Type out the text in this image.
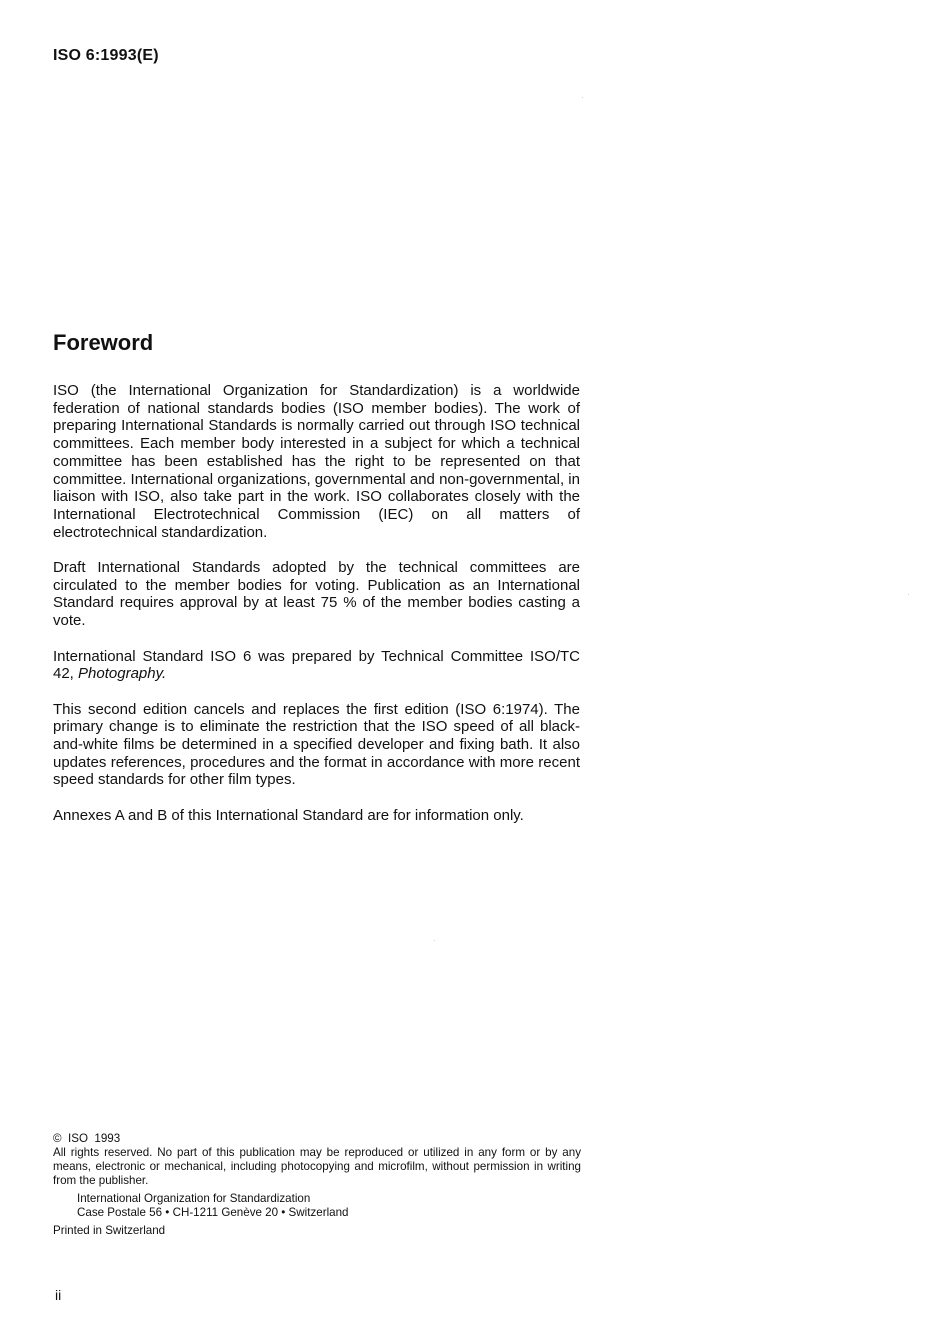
ISO 6:1993(E)
Foreword

ISO (the International Organization for Standardization) is a worldwide federation of national standards bodies (ISO member bodies). The work of preparing International Standards is normally carried out through ISO technical committees. Each member body interested in a subject for which a technical committee has been established has the right to be represented on that committee. International organizations, governmental and non-governmental, in liaison with ISO, also take part in the work. ISO collaborates closely with the International Electrotechnical Commission (IEC) on all matters of electrotechnical standardization.

Draft International Standards adopted by the technical committees are circulated to the member bodies for voting. Publication as an International Standard requires approval by at least 75 % of the member bodies casting a vote.

International Standard ISO 6 was prepared by Technical Committee ISO/TC 42, Photography.

This second edition cancels and replaces the first edition (ISO 6:1974). The primary change is to eliminate the restriction that the ISO speed of all black-and-white films be determined in a specified developer and fixing bath. It also updates references, procedures and the format in accordance with more recent speed standards for other film types.

Annexes A and B of this International Standard are for information only.

©  ISO  1993
All rights reserved. No part of this publication may be reproduced or utilized in any form or by any means, electronic or mechanical, including photocopying and microfilm, without permission in writing from the publisher.
International Organization for Standardization
Case Postale 56 • CH-1211 Genève 20 • Switzerland
Printed in Switzerland
ii
